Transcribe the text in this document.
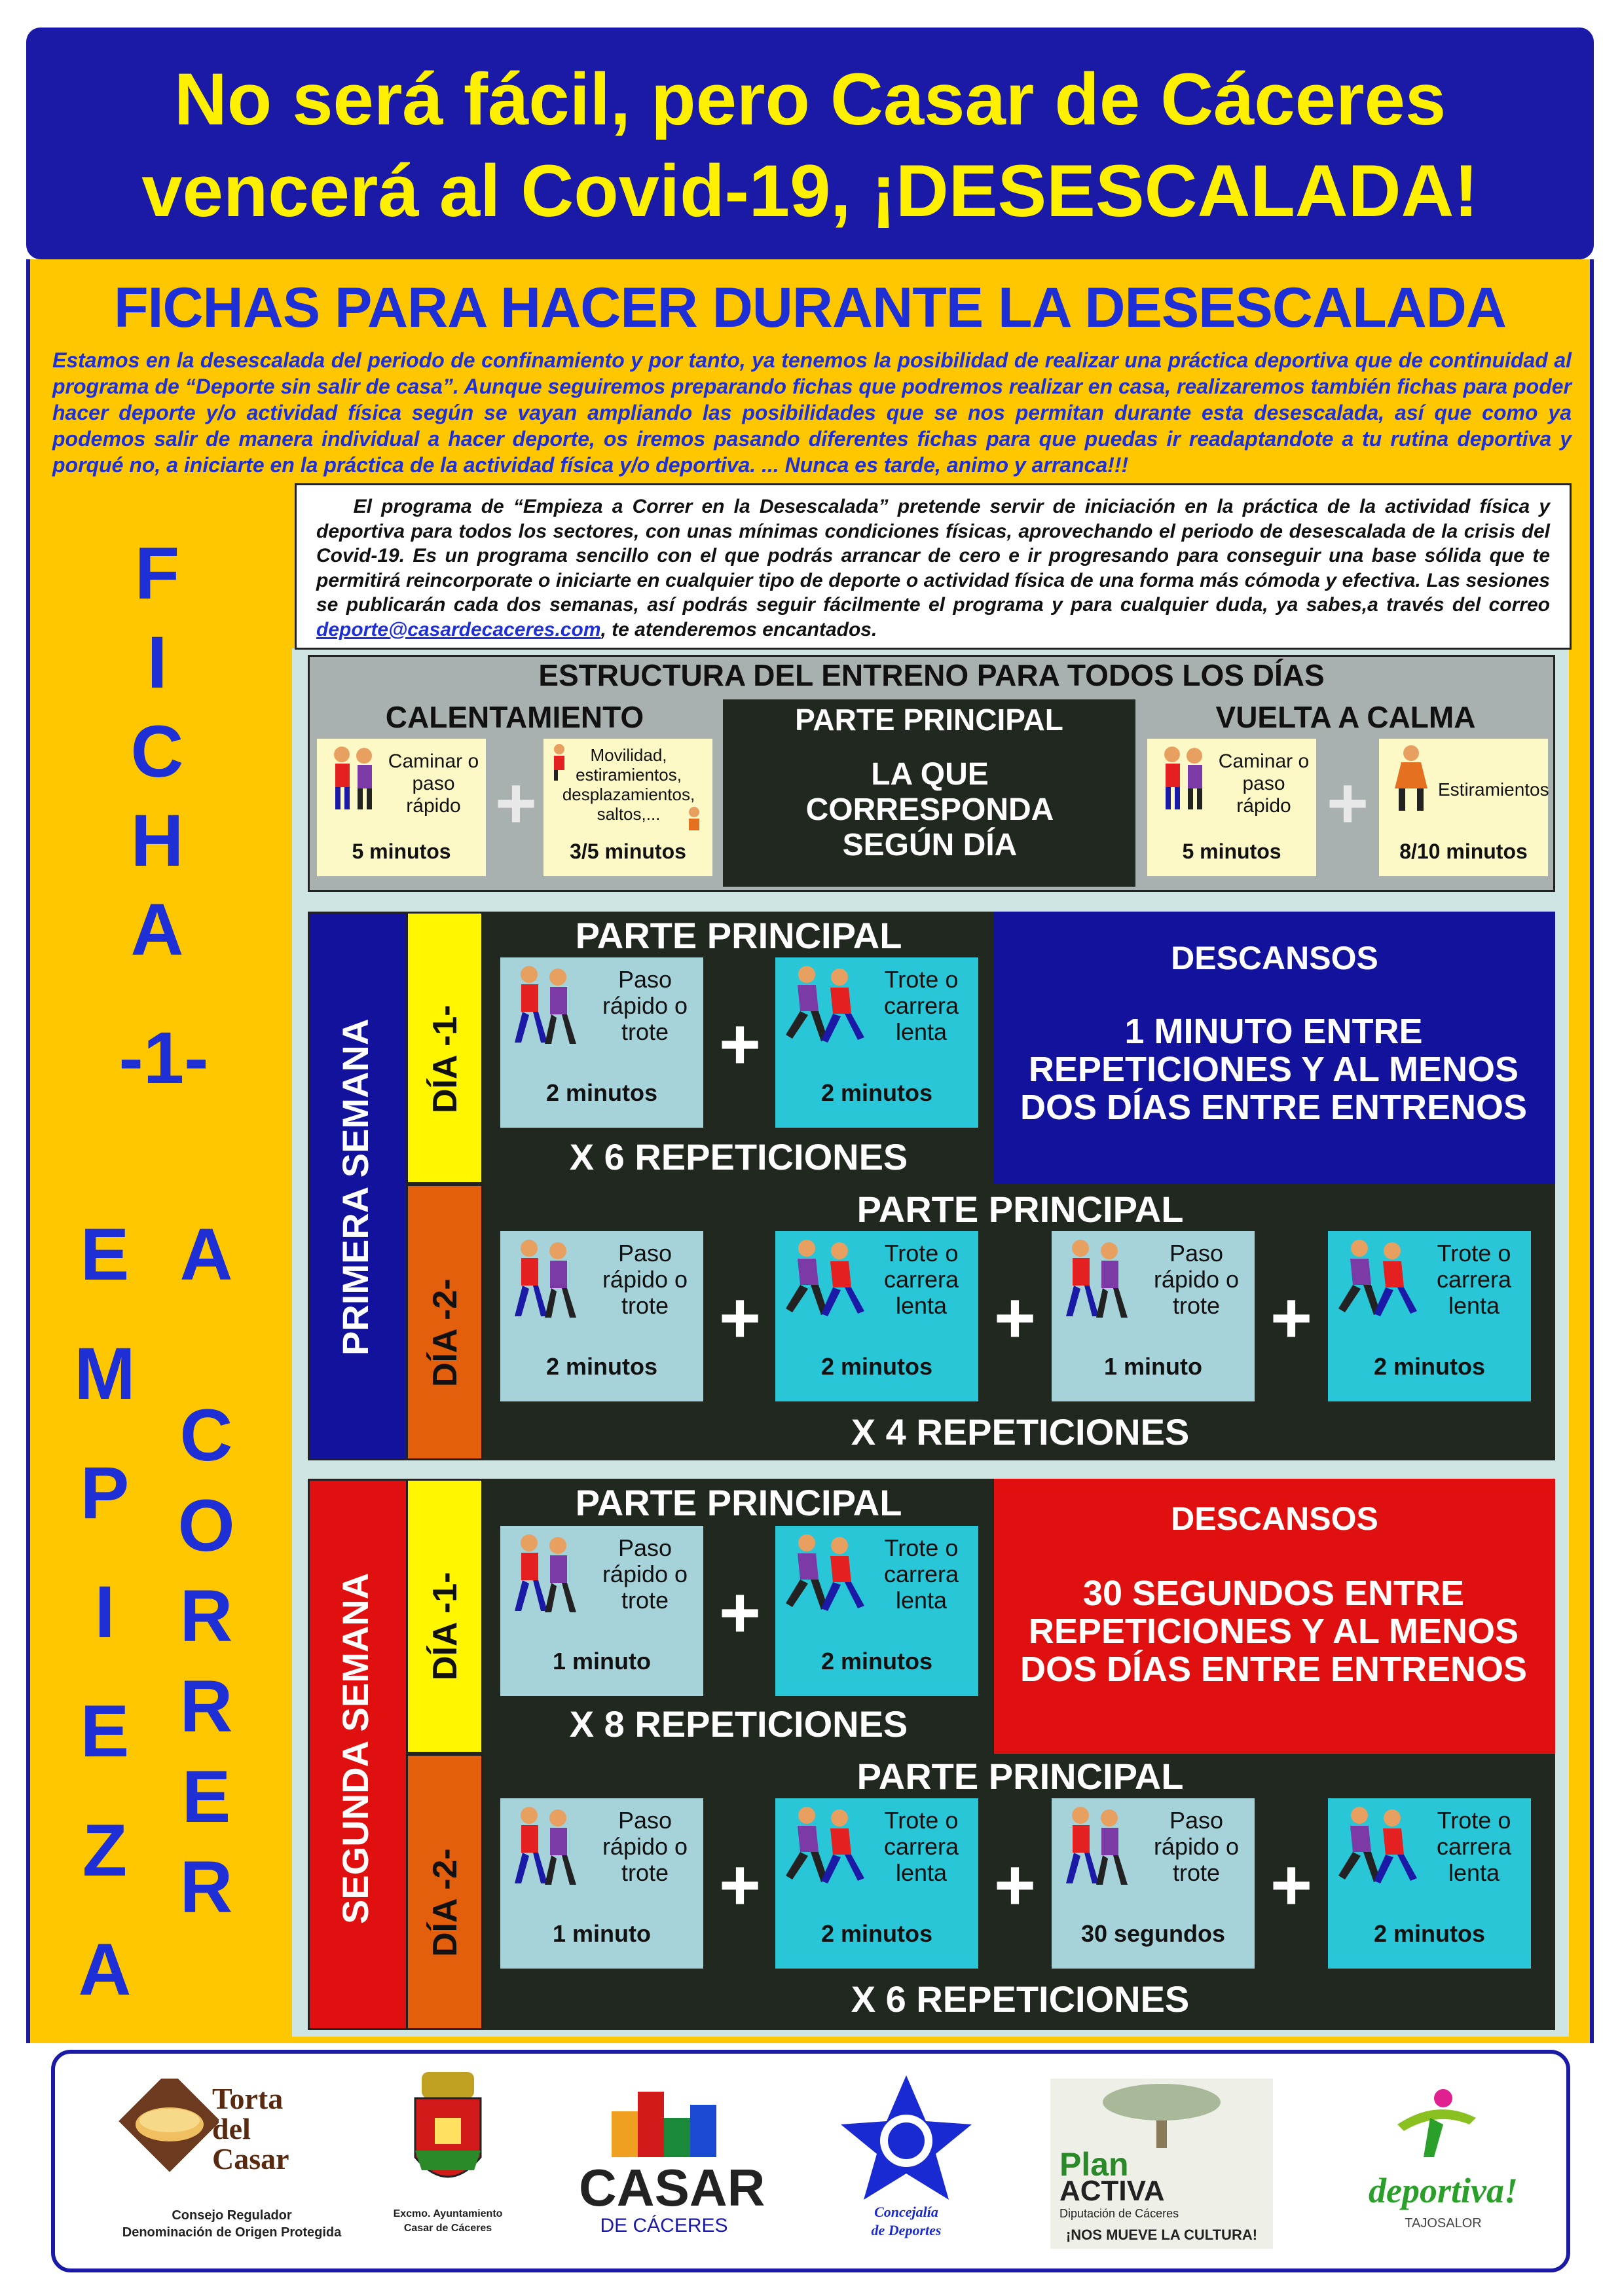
No será fácil, pero Casar de Cáceres
vencerá al Covid-19, ¡DESESCALADA!
FICHAS PARA HACER DURANTE LA DESESCALADA
Estamos en la desescalada del periodo de confinamiento y por tanto, ya tenemos la posibilidad de realizar una práctica deportiva que de continuidad al programa de “Deporte sin salir de casa”. Aunque seguiremos preparando fichas que podremos realizar en casa, realizaremos también fichas para poder hacer deporte y/o actividad física según se vayan ampliando las posibilidades que se nos permitan durante esta desescalada, así que como ya podemos salir de manera individual a hacer deporte, os iremos pasando diferentes fichas para que puedas ir readaptandote a tu rutina deportiva y porqué no, a iniciarte en la práctica de la actividad física y/o deportiva. ... Nunca es tarde, animo y arranca!!!
F
I
C
H
A
-1-
E
M
P
I
E
Z
A
A
C
O
R
R
E
R
El programa de “Empieza a Correr en la Desescalada” pretende servir de iniciación en la práctica de la actividad física y deportiva para todos los sectores, con unas mínimas condiciones físicas, aprovechando el periodo de desescalada de la crisis del Covid-19. Es un programa sencillo con el que podrás arrancar de cero e ir progresando para conseguir una base sólida que te permitirá reincorporate o iniciarte en cualquier tipo de deporte o actividad física de una forma más cómoda y efectiva. Las sesiones se publicarán cada dos semanas, así podrás seguir fácilmente el programa y para cualquier duda, ya sabes,a través del correo deporte@casardecaceres.com, te atenderemos encantados.
ESTRUCTURA DEL ENTRENO PARA TODOS LOS DÍAS
CALENTAMIENTO
Caminar o paso rápido
5 minutos
+
Movilidad, estiramientos, desplazamientos, saltos,...
3/5 minutos
PARTE PRINCIPAL
LA QUE CORRESPONDA SEGÚN DÍA
VUELTA A CALMA
Caminar o paso rápido
5 minutos
+	Estiramientos
8/10 minutos
PRIMERA SEMANA DÍA -1-
PARTE PRINCIPAL
Paso rápido o trote
2 minutos
+
Trote o carrera lenta
2 minutos
X 6 REPETICIONES
DESCANSOS
1 MINUTO ENTRE REPETICIONES Y AL MENOS DOS DÍAS ENTRE ENTRENOS
DÍA -2-
PARTE PRINCIPAL
Paso rápido o trote
2 minutos
+
Trote o carrera lenta
2 minutos
+
Paso rápido o trote
1 minuto
+
Trote o carrera lenta
2 minutos
X 4 REPETICIONES
SEGUNDA SEMANA DÍA -1-
PARTE PRINCIPAL
Paso rápido o trote
1 minuto
+
Trote o carrera lenta
2 minutos
X 8 REPETICIONES
DESCANSOS
30 SEGUNDOS ENTRE REPETICIONES Y AL MENOS DOS DÍAS ENTRE ENTRENOS
DÍA -2-
PARTE PRINCIPAL
Paso rápido o trote
1 minuto
+
Trote o carrera lenta
2 minutos
+
Paso rápido o trote
30 segundos
+
Trote o carrera lenta
2 minutos
X 6 REPETICIONES
Torta
del
Casar
Consejo Regulador
Denominación de Origen Protegida
Excmo. Ayuntamiento
Casar de Cáceres
CASAR
DE CÁCERES
Concejalía
de Deportes
Plan
ACTIVA
Diputación de Cáceres
¡NOS MUEVE LA CULTURA!
deportiva!
TAJOSALOR
